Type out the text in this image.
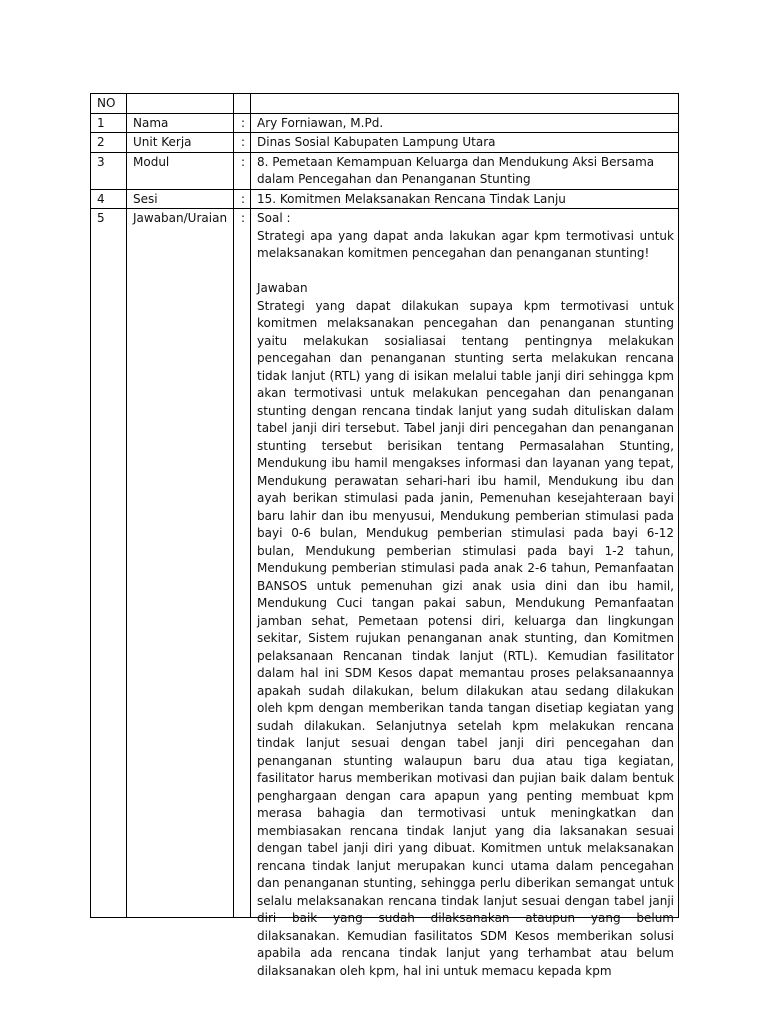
NO			
1	Nama	:	Ary Forniawan, M.Pd.
2	Unit Kerja	:	Dinas Sosial Kabupaten Lampung Utara
3	Modul	:	8. Pemetaan Kemampuan Keluarga dan Mendukung Aksi Bersama dalam Pencegahan dan Penanganan Stunting
4	Sesi	:	15. Komitmen Melaksanakan Rencana Tindak Lanju
5	Jawaban/Uraian	:	Soal :

Strategi apa yang dapat anda lakukan agar kpm termotivasi untuk melaksanakan komitmen pencegahan dan penanganan stunting!

Jawaban

Strategi yang dapat dilakukan supaya kpm termotivasi untuk komitmen melaksanakan pencegahan dan penanganan stunting yaitu melakukan sosialiasai tentang pentingnya melakukan pencegahan dan penanganan stunting serta melakukan rencana tidak lanjut (RTL) yang di isikan melalui table janji diri sehingga kpm akan termotivasi untuk melakukan pencegahan dan penanganan stunting dengan rencana tindak lanjut yang sudah dituliskan dalam tabel janji diri tersebut. Tabel janji diri pencegahan dan penanganan stunting tersebut berisikan tentang Permasalahan Stunting, Mendukung ibu hamil mengakses informasi dan layanan yang tepat, Mendukung perawatan sehari-hari ibu hamil, Mendukung ibu dan ayah berikan stimulasi pada janin, Pemenuhan kesejahteraan bayi baru lahir dan ibu menyusui, Mendukung pemberian stimulasi pada bayi 0-6 bulan, Mendukug pemberian stimulasi pada bayi 6-12 bulan, Mendukung pemberian stimulasi pada bayi 1-2 tahun, Mendukung pemberian stimulasi pada anak 2-6 tahun, Pemanfaatan BANSOS untuk pemenuhan gizi anak usia dini dan ibu hamil, Mendukung Cuci tangan pakai sabun, Mendukung Pemanfaatan jamban sehat, Pemetaan potensi diri, keluarga dan lingkungan sekitar, Sistem rujukan penanganan anak stunting, dan Komitmen pelaksanaan Rencanan tindak lanjut (RTL). Kemudian fasilitator dalam hal ini SDM Kesos dapat memantau proses pelaksanaannya apakah sudah dilakukan, belum dilakukan atau sedang dilakukan oleh kpm dengan memberikan tanda tangan disetiap kegiatan yang sudah dilakukan. Selanjutnya setelah kpm melakukan rencana tindak lanjut sesuai dengan tabel janji diri pencegahan dan penanganan stunting walaupun baru dua atau tiga kegiatan, fasilitator harus memberikan motivasi dan pujian baik dalam bentuk penghargaan dengan cara apapun yang penting membuat kpm merasa bahagia dan termotivasi untuk meningkatkan dan membiasakan rencana tindak lanjut yang dia laksanakan sesuai dengan tabel janji diri yang dibuat. Komitmen untuk melaksanakan rencana tindak lanjut merupakan kunci utama dalam pencegahan dan penanganan stunting, sehingga perlu diberikan semangat untuk selalu melaksanakan rencana tindak lanjut sesuai dengan tabel janji diri baik yang sudah dilaksanakan ataupun yang belum dilaksanakan. Kemudian fasilitatos SDM Kesos memberikan solusi apabila ada rencana tindak lanjut yang terhambat atau belum dilaksanakan oleh kpm, hal ini untuk memacu kepada kpm
